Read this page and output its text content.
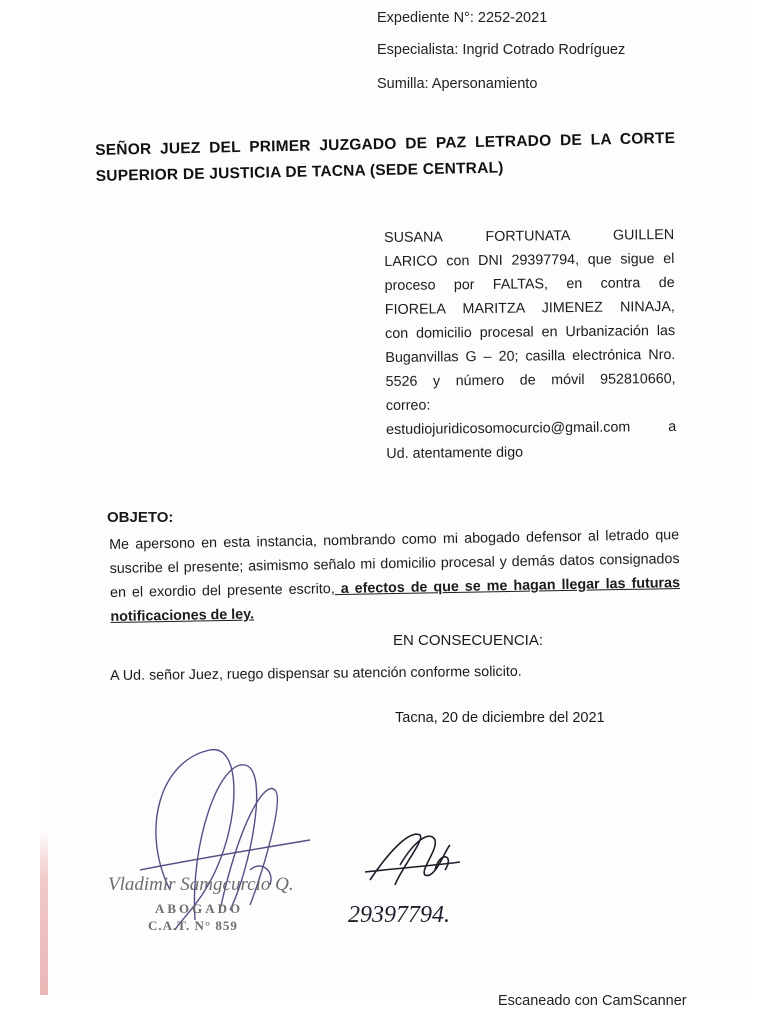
Expediente N°: 2252-2021
Especialista: Ingrid Cotrado Rodríguez
Sumilla: Apersonamiento
SEÑOR JUEZ DEL PRIMER JUZGADO DE PAZ LETRADO DE LA CORTE
SUPERIOR DE JUSTICIA DE TACNA (SEDE CENTRAL)
SUSANA FORTUNATA GUILLEN
LARICO con DNI 29397794, que sigue el
proceso por FALTAS, en contra de
FIORELA MARITZA JIMENEZ NINAJA,
con domicilio procesal en Urbanización las
Buganvillas G – 20; casilla electrónica Nro.
5526 y número de móvil 952810660,
correo:
estudiojuridicosomocurcio@gmail.com a
Ud. atentamente digo
OBJETO:
Me apersono en esta instancia, nombrando como mi abogado defensor al letrado que suscribe el presente; asimismo señalo mi domicilio procesal y demás datos consignados en el exordio del presente escrito, a efectos de que se me hagan llegar las futuras notificaciones de ley.
EN CONSECUENCIA:
A Ud. señor Juez, ruego dispensar su atención conforme solicito.
Tacna, 20 de diciembre del 2021
Vladimir Samgcurcio Q.
ABOGADO
C.A.T. N° 859	29397794.
Escaneado con CamScanner
